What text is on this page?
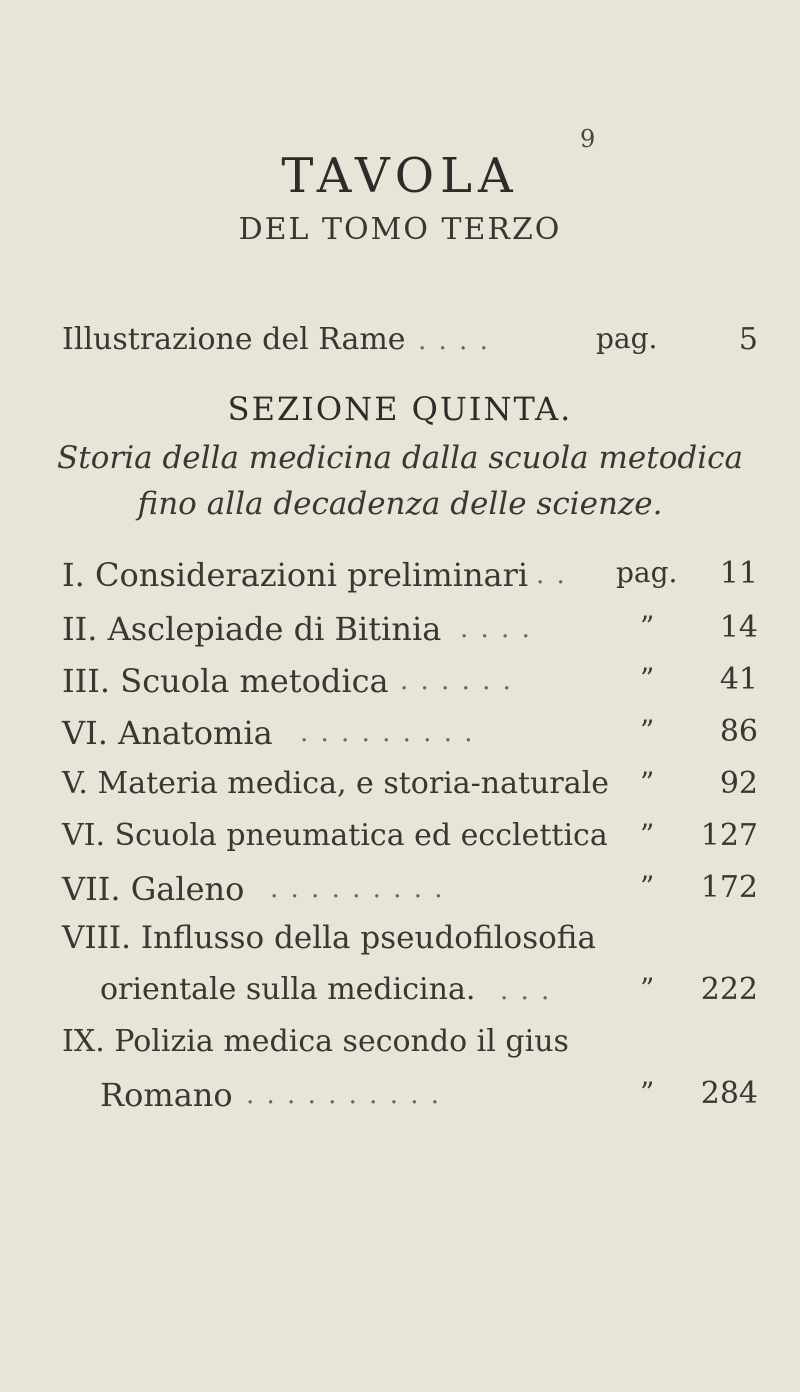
9
TAVOLA
DEL TOMO TERZO
Illustrazione del Rame . . . .	pag.	5
SEZIONE QUINTA.
Storia della medicina dalla scuola metodica
fino alla decadenza delle scienze.
I. Considerazioni preliminari . . pag. 11
II. Asclepiade di Bitinia . . . .	” 14
III. Scuola metodica . . . . . .	” 41
VI. Anatomia . . . . . . . . .	” 86
V. Materia medica, e storia-naturale ” 92
VI. Scuola pneumatica ed ecclettica ” 127
VII. Galeno . . . . . . . . .	” 172
VIII. Influsso della pseudofilosofia
orientale sulla medicina. . . .	” 222
IX. Polizia medica secondo il gius
Romano . . . . . . . . . .	” 284
